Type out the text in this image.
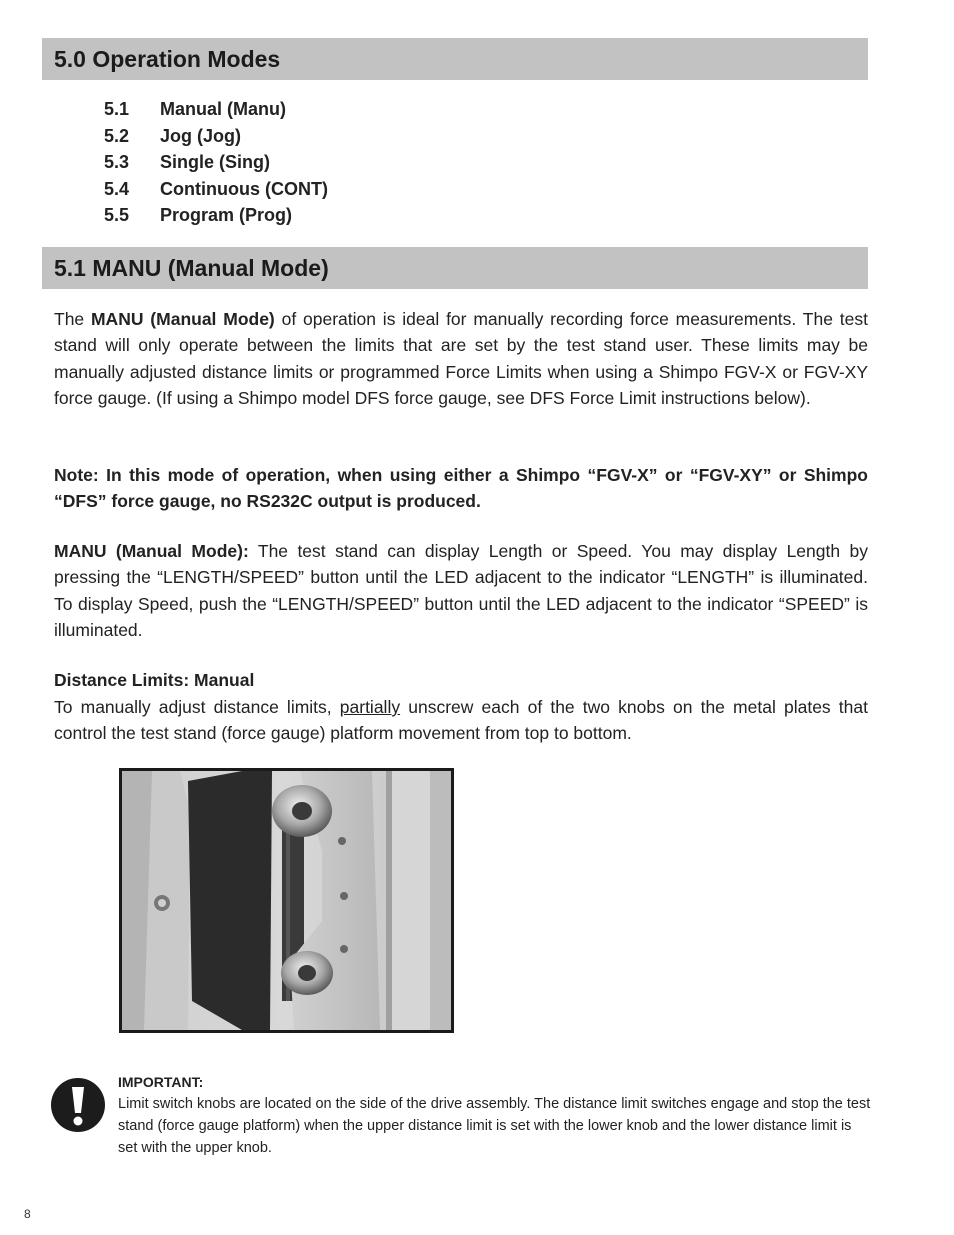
5.0 Operation Modes
5.1 Manual (Manu)
5.2 Jog (Jog)
5.3 Single (Sing)
5.4 Continuous (CONT)
5.5 Program (Prog)
5.1 MANU (Manual Mode)

The MANU (Manual Mode) of operation is ideal for manually recording force measurements. The test stand will only operate between the limits that are set by the test stand user. These limits may be manually adjusted distance limits or programmed Force Limits when using a Shimpo FGV-X or FGV-XY force gauge. (If using a Shimpo model DFS force gauge, see DFS Force Limit instructions below).

Note: In this mode of operation, when using either a Shimpo “FGV-X” or “FGV-XY” or Shimpo “DFS” force gauge, no RS232C output is produced.

MANU (Manual Mode): The test stand can display Length or Speed. You may display Length by pressing the “LENGTH/SPEED” button until the LED adjacent to the indicator “LENGTH” is illuminated. To display Speed, push the “LENGTH/SPEED” button until the LED adjacent to the indicator “SPEED” is illuminated.

Distance Limits: Manual

To manually adjust distance limits, partially unscrew each of the two knobs on the metal plates that control the test stand (force gauge) platform movement from top to bottom.

IMPORTANT:

Limit switch knobs are located on the side of the drive assembly. The distance limit switches engage and stop the test stand (force gauge platform) when the upper distance limit is set with the lower knob and the lower distance limit is set with the upper knob.

8
